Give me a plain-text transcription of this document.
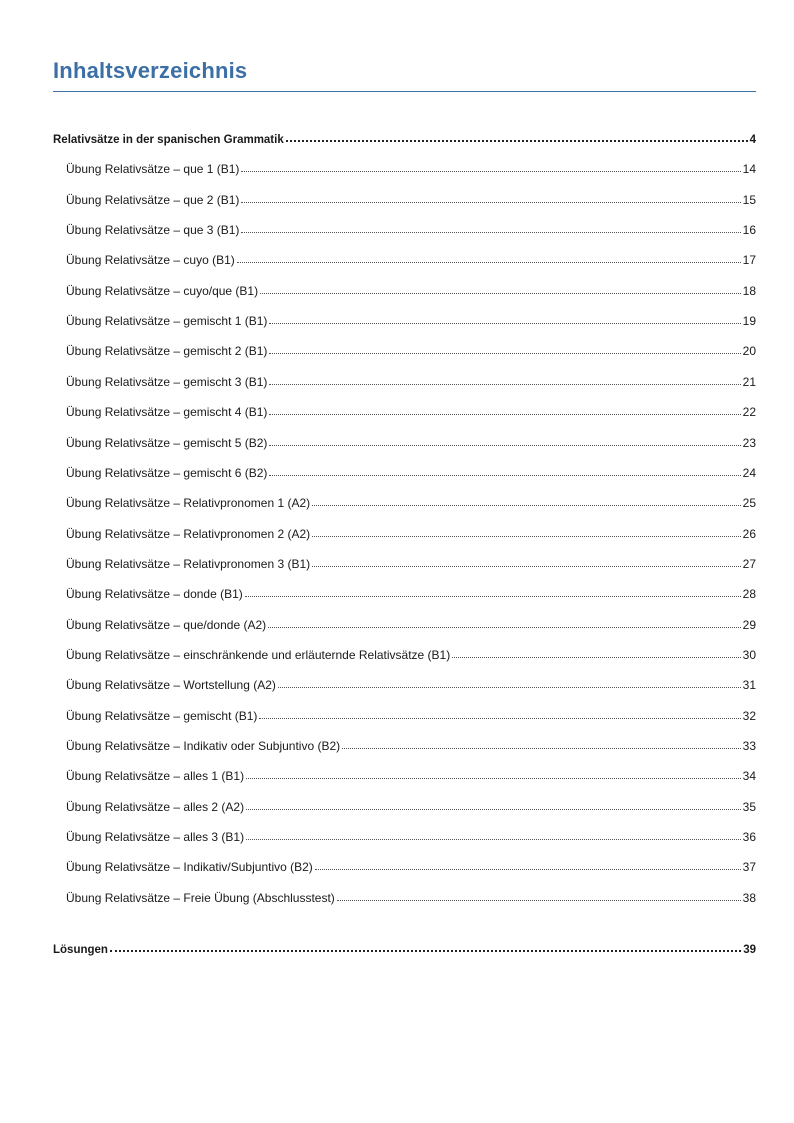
Inhaltsverzeichnis
Relativsätze in der spanischen Grammatik	4
Übung Relativsätze – que 1 (B1)	14
Übung Relativsätze – que 2 (B1)	15
Übung Relativsätze – que 3 (B1)	16
Übung Relativsätze – cuyo (B1)	17
Übung Relativsätze – cuyo/que (B1)	18
Übung Relativsätze – gemischt 1 (B1)	19
Übung Relativsätze – gemischt 2 (B1)	20
Übung Relativsätze – gemischt 3 (B1)	21
Übung Relativsätze – gemischt 4 (B1)	22
Übung Relativsätze – gemischt 5 (B2)	23
Übung Relativsätze – gemischt 6 (B2)	24
Übung Relativsätze – Relativpronomen 1 (A2)	25
Übung Relativsätze – Relativpronomen 2 (A2)	26
Übung Relativsätze – Relativpronomen 3 (B1)	27
Übung Relativsätze – donde (B1)	28
Übung Relativsätze – que/donde (A2)	29
Übung Relativsätze – einschränkende und erläuternde Relativsätze (B1)	30
Übung Relativsätze – Wortstellung (A2)	31
Übung Relativsätze – gemischt (B1)	32
Übung Relativsätze – Indikativ oder Subjuntivo (B2)	33
Übung Relativsätze – alles 1 (B1)	34
Übung Relativsätze – alles 2 (A2)	35
Übung Relativsätze – alles 3 (B1)	36
Übung Relativsätze – Indikativ/Subjuntivo (B2)	37
Übung Relativsätze – Freie Übung (Abschlusstest)	38
Lösungen	39
